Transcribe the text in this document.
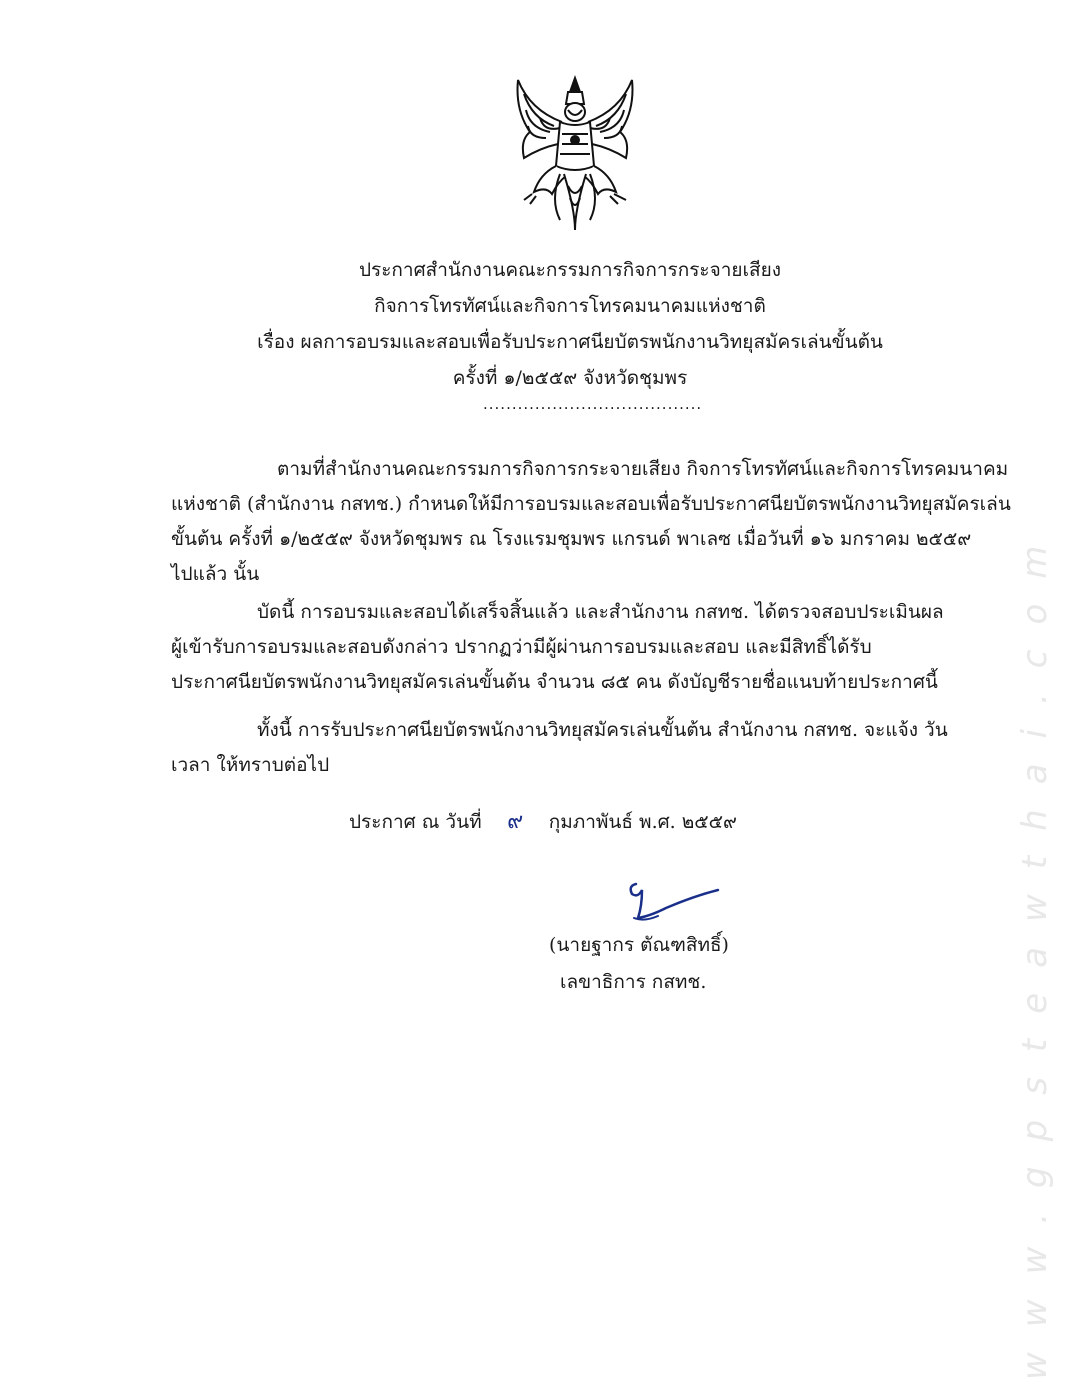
ประกาศสำนักงานคณะกรรมการกิจการกระจายเสียง
กิจการโทรทัศน์และกิจการโทรคมนาคมแห่งชาติ
เรื่อง ผลการอบรมและสอบเพื่อรับประกาศนียบัตรพนักงานวิทยุสมัครเล่นขั้นต้น
ครั้งที่ ๑/๒๕๕๙ จังหวัดชุมพร
......................................
ตามที่สำนักงานคณะกรรมการกิจการกระจายเสียง กิจการโทรทัศน์และกิจการโทรคมนาคม
แห่งชาติ (สำนักงาน กสทช.) กำหนดให้มีการอบรมและสอบเพื่อรับประกาศนียบัตรพนักงานวิทยุสมัครเล่น
ขั้นต้น ครั้งที่ ๑/๒๕๕๙ จังหวัดชุมพร ณ โรงแรมชุมพร แกรนด์ พาเลซ เมื่อวันที่ ๑๖ มกราคม ๒๕๕๙
ไปแล้ว นั้น
บัดนี้ การอบรมและสอบได้เสร็จสิ้นแล้ว และสำนักงาน กสทช. ได้ตรวจสอบประเมินผล
ผู้เข้ารับการอบรมและสอบดังกล่าว ปรากฏว่ามีผู้ผ่านการอบรมและสอบ และมีสิทธิ์ได้รับ
ประกาศนียบัตรพนักงานวิทยุสมัครเล่นขั้นต้น จำนวน ๘๕ คน ดังบัญชีรายชื่อแนบท้ายประกาศนี้
ทั้งนี้ การรับประกาศนียบัตรพนักงานวิทยุสมัครเล่นขั้นต้น สำนักงาน กสทช. จะแจ้ง วัน
เวลา ให้ทราบต่อไป
ประกาศ ณ วันที่ ๙ กุมภาพันธ์ พ.ศ. ๒๕๕๙
(นายฐากร ตัณฑสิทธิ์)
เลขาธิการ กสทช.	www.gpsteawthai.com
